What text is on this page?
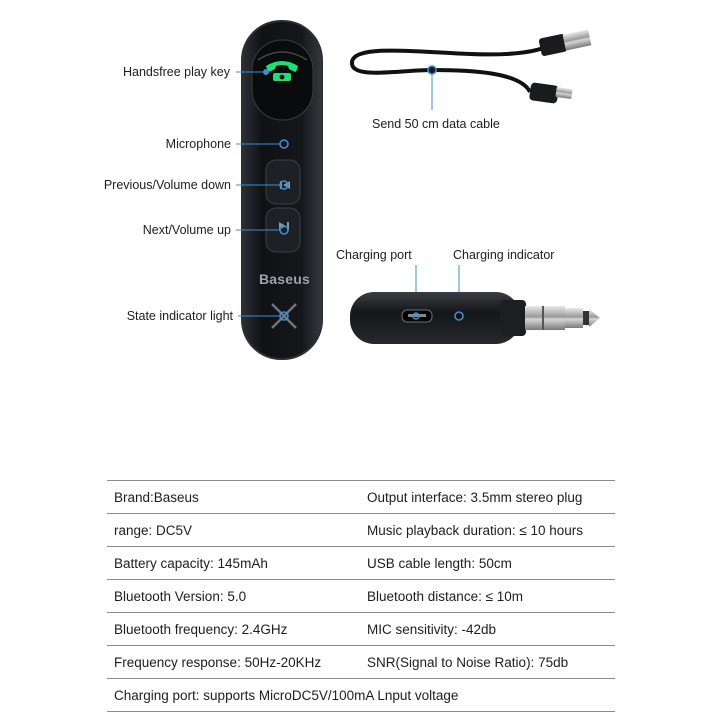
Baseus
Handsfree play key
Microphone
Previous/Volume down
Next/Volume up
State indicator light
Send 50 cm data cable
Charging port	Charging indicator
Brand:Baseus	Output interface: 3.5mm stereo plug
range: DC5V	Music playback duration: ≤ 10 hours
Battery capacity: 145mAh	USB cable length: 50cm
Bluetooth Version: 5.0	Bluetooth distance: ≤ 10m
Bluetooth frequency: 2.4GHz	MIC sensitivity: -42db
Frequency response: 50Hz-20KHz	SNR(Signal to Noise Ratio): 75db
Charging port: supports MicroDC5V/100mA Lnput voltage
